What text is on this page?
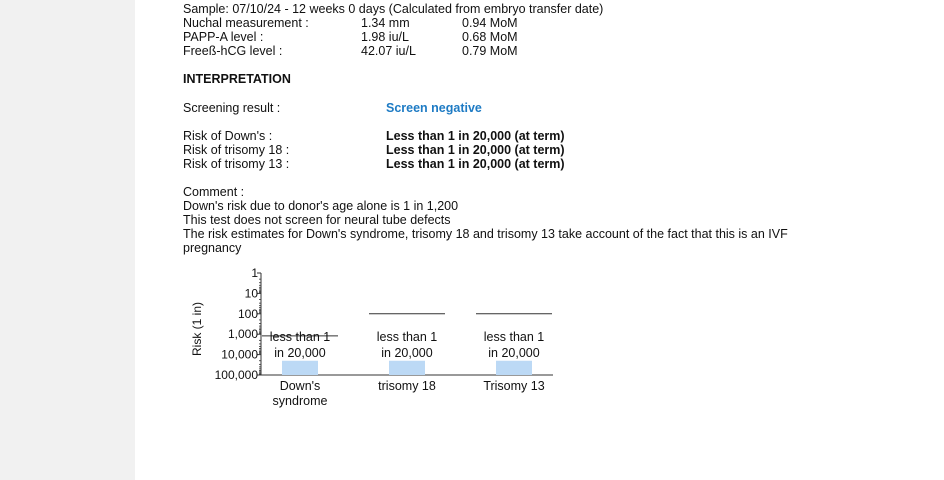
Sample: 07/10/24 - 12 weeks 0 days (Calculated from embryo transfer date)
Nuchal measurement :	1.34 mm	0.94 MoM
PAPP-A level :	1.98 iu/L	0.68 MoM
Freeß-hCG level :	42.07 iu/L	0.79 MoM
INTERPRETATION
Screening result :	Screen negative
Risk of Down's :	Less than 1 in 20,000 (at term)
Risk of trisomy 18 :	Less than 1 in 20,000 (at term)
Risk of trisomy 13 :	Less than 1 in 20,000 (at term)
Comment :
Down's risk due to donor's age alone is 1 in 1,200
This test does not screen for neural tube defects
The risk estimates for Down's syndrome, trisomy 18 and trisomy 13 take account of the fact that this is an IVF
pregnancy
1
10
100
1,000
10,000
100,000
Risk (1 in)	less than 1
in 20,000
Down's
syndrome
less than 1
in 20,000
trisomy 18
less than 1
in 20,000
Trisomy 13
